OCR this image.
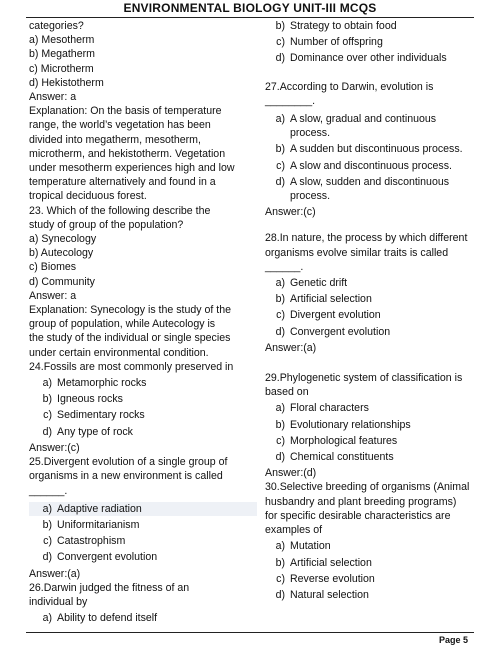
ENVIRONMENTAL BIOLOGY UNIT-III MCQS
categories?
a) Mesotherm
b) Megatherm
c) Microtherm
d) Hekistotherm
Answer: a
Explanation: On the basis of temperature
range, the world’s vegetation has been
divided into megatherm, mesotherm,
microtherm, and hekistotherm. Vegetation
under mesotherm experiences high and low
temperature alternatively and found in a
tropical deciduous forest.
23. Which of the following describe the
study of group of the population?
a) Synecology
b) Autecology
c) Biomes
d) Community
Answer: a
Explanation: Synecology is the study of the
group of population, while Autecology is
the study of the individual or single species
under certain environmental condition.
24.Fossils are most commonly preserved in
a) Metamorphic rocks
b) Igneous rocks
c) Sedimentary rocks
d) Any type of rock
Answer:(c)
25.Divergent evolution of a single group of
organisms in a new environment is called
______.
a) Adaptive radiation
b) Uniformitarianism
c) Catastrophism
d) Convergent evolution
Answer:(a)
26.Darwin judged the fitness of an
individual by
a) Ability to defend itself
b) Strategy to obtain food
c) Number of offspring
d) Dominance over other individuals
27.According to Darwin, evolution is
________.
a) A slow, gradual and continuous
process.
b) A sudden but discontinuous process.
c) A slow and discontinuous process.
d) A slow, sudden and discontinuous
process.
Answer:(c)
28.In nature, the process by which different
organisms evolve similar traits is called
______.
a) Genetic drift
b) Artificial selection
c) Divergent evolution
d) Convergent evolution
Answer:(a)
29.Phylogenetic system of classification is
based on
a) Floral characters
b) Evolutionary relationships
c) Morphological features
d) Chemical constituents
Answer:(d)
30.Selective breeding of organisms (Animal
husbandry and plant breeding programs)
for specific desirable characteristics are
examples of
a) Mutation
b) Artificial selection
c) Reverse evolution
d) Natural selection
Page 5
